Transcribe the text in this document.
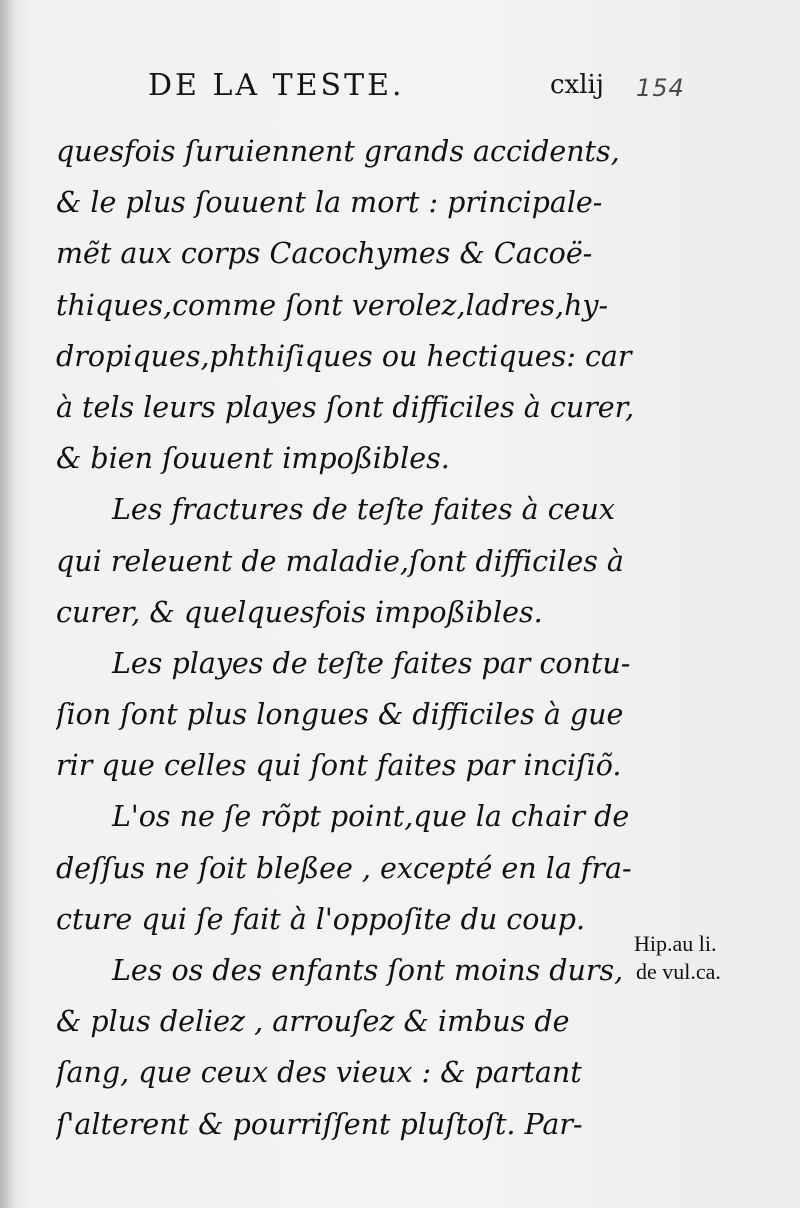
DE LA TESTE.	cxlij 154
quesfois ſuruiennent grands accidents,
& le plus ſouuent la mort : principale-
mẽt aux corps Cacochymes & Cacoë-
thiques,comme ſont verolez,ladres,hy-
dropiques,phthiſiques ou hectiques: car
à tels leurs playes ſont difficiles à curer,
& bien ſouuent impoßibles.
Les fractures de teſte faites à ceux
qui releuent de maladie,ſont difficiles à
curer, & quelquesfois impoßibles.
Les playes de teſte faites par contu-
ſion ſont plus longues & difficiles à gue
rir que celles qui ſont faites par inciſiõ.
L'os ne ſe rõpt point,que la chair de
deſſus ne ſoit bleßee , excepté en la fra-
cture qui ſe fait à l'oppoſite du coup.
Les os des enfants ſont moins durs,
& plus deliez , arrouſez & imbus de
ſang, que ceux des vieux : & partant
ſ'alterent & pourriſſent pluſtoſt. Par-
Hip.au li.
de vul.ca.
